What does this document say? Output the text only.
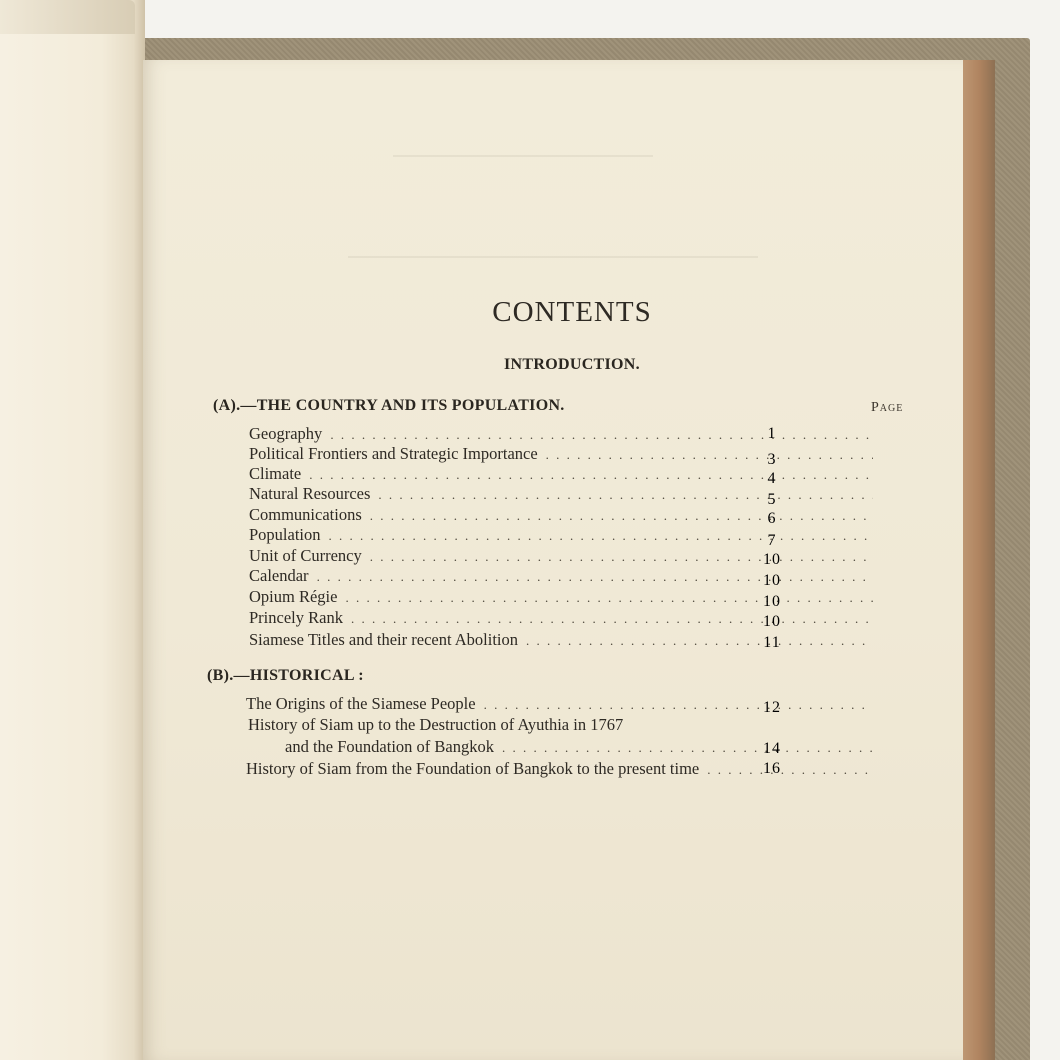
CONTENTS
INTRODUCTION.
(A).—THE COUNTRY AND ITS POPULATION.	Page
Geography . . .	1
Political Frontiers and Strategic Importance . . .	3
Climate . . .	4
Natural Resources . . .	5
Communications . . .	6
Population . . .	7
Unit of Currency . . .	10
Calendar . . .	10
Opium Régie . . .	10
Princely Rank . . .	10
Siamese Titles and their recent Abolition . . .	11
(B).—HISTORICAL :
The Origins of the Siamese People . . .	12
History of Siam up to the Destruction of Ayuthia in 1767
and the Foundation of Bangkok . . .	14
History of Siam from the Foundation of Bangkok to the present time . . .	16
